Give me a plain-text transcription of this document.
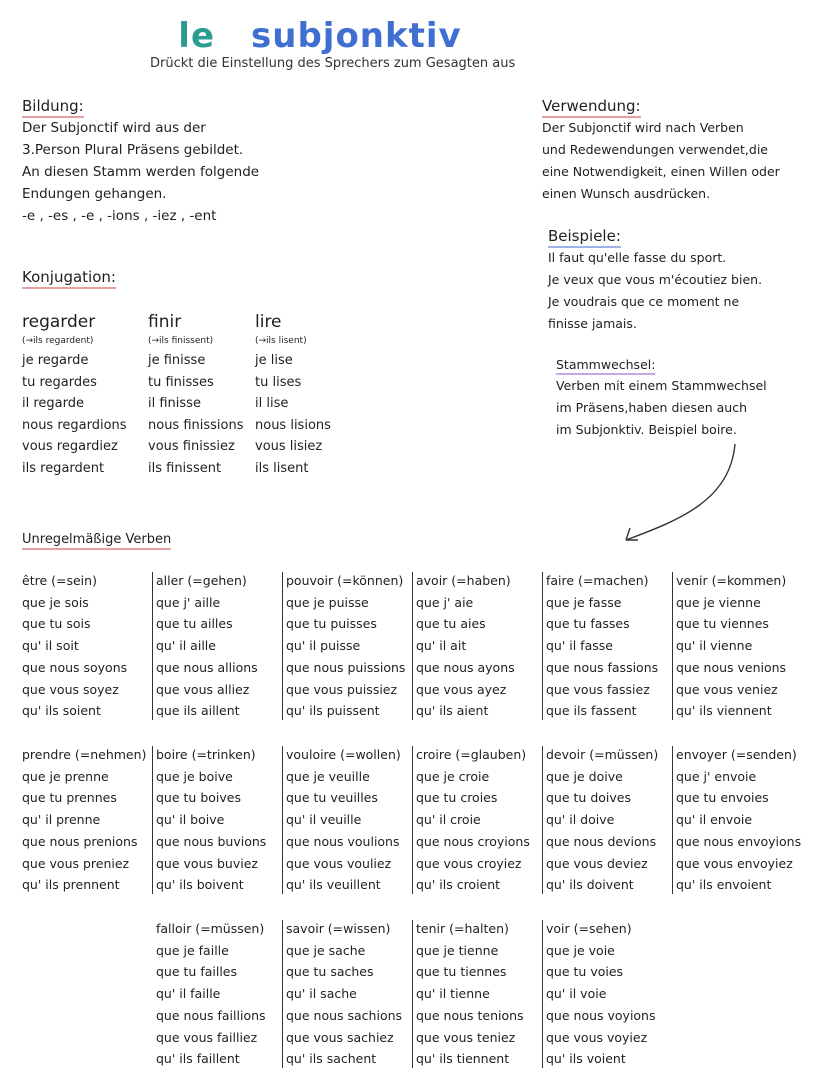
le subjonktiv
Drückt die Einstellung des Sprechers zum Gesagten aus
Bildung:
Der Subjonctif wird aus der
3.Person Plural Präsens gebildet.
An diesen Stamm werden folgende
Endungen gehangen.
-e , -es , -e , -ions , -iez , -ent
Verwendung:
Der Subjonctif wird nach Verben
und Redewendungen verwendet,die
eine Notwendigkeit, einen Willen oder
einen Wunsch ausdrücken.
Beispiele:
Il faut qu'elle fasse du sport.
Je veux que vous m'écoutiez bien.
Je voudrais que ce moment ne
finisse jamais.
Stammwechsel:
Verben mit einem Stammwechsel
im Präsens,haben diesen auch
im Subjonktiv. Beispiel boire.
Konjugation:
regarder
(→ils regardent)
je regarde
tu regardes
il regarde
nous regardions
vous regardiez
ils regardent
finir
(→ils finissent)
je finisse
tu finisses
il finisse
nous finissions
vous finissiez
ils finissent
lire
(→ils lisent)
je lise
tu lises
il lise
nous lisions
vous lisiez
ils lisent
Unregelmäßige Verben
être (=sein)
que je sois
que tu sois
qu' il soit
que nous soyons
que vous soyez
qu' ils soient
aller (=gehen)
que j' aille
que tu ailles
qu' il aille
que nous allions
que vous alliez
que ils aillent
pouvoir (=können)
que je puisse
que tu puisses
qu' il puisse
que nous puissions
que vous puissiez
qu' ils puissent
avoir (=haben)
que j' aie
que tu aies
qu' il ait
que nous ayons
que vous ayez
qu' ils aient
faire (=machen)
que je fasse
que tu fasses
qu' il fasse
que nous fassions
que vous fassiez
que ils fassent
venir (=kommen)
que je vienne
que tu viennes
qu' il vienne
que nous venions
que vous veniez
qu' ils viennent
prendre (=nehmen)
que je prenne
que tu prennes
qu' il prenne
que nous prenions
que vous preniez
qu' ils prennent
boire (=trinken)
que je boive
que tu boives
qu' il boive
que nous buvions
que vous buviez
qu' ils boivent
vouloire (=wollen)
que je veuille
que tu veuilles
qu' il veuille
que nous voulions
que vous vouliez
qu' ils veuillent
croire (=glauben)
que je croie
que tu croies
qu' il croie
que nous croyions
que vous croyiez
qu' ils croient
devoir (=müssen)
que je doive
que tu doives
qu' il doive
que nous devions
que vous deviez
qu' ils doivent
envoyer (=senden)
que j' envoie
que tu envoies
qu' il envoie
que nous envoyions
que vous envoyiez
qu' ils envoient
falloir (=müssen)
que je faille
que tu failles
qu' il faille
que nous faillions
que vous failliez
qu' ils faillent
savoir (=wissen)
que je sache
que tu saches
qu' il sache
que nous sachions
que vous sachiez
qu' ils sachent
tenir (=halten)
que je tienne
que tu tiennes
qu' il tienne
que nous tenions
que vous teniez
qu' ils tiennent
voir (=sehen)
que je voie
que tu voies
qu' il voie
que nous voyions
que vous voyiez
qu' ils voient
